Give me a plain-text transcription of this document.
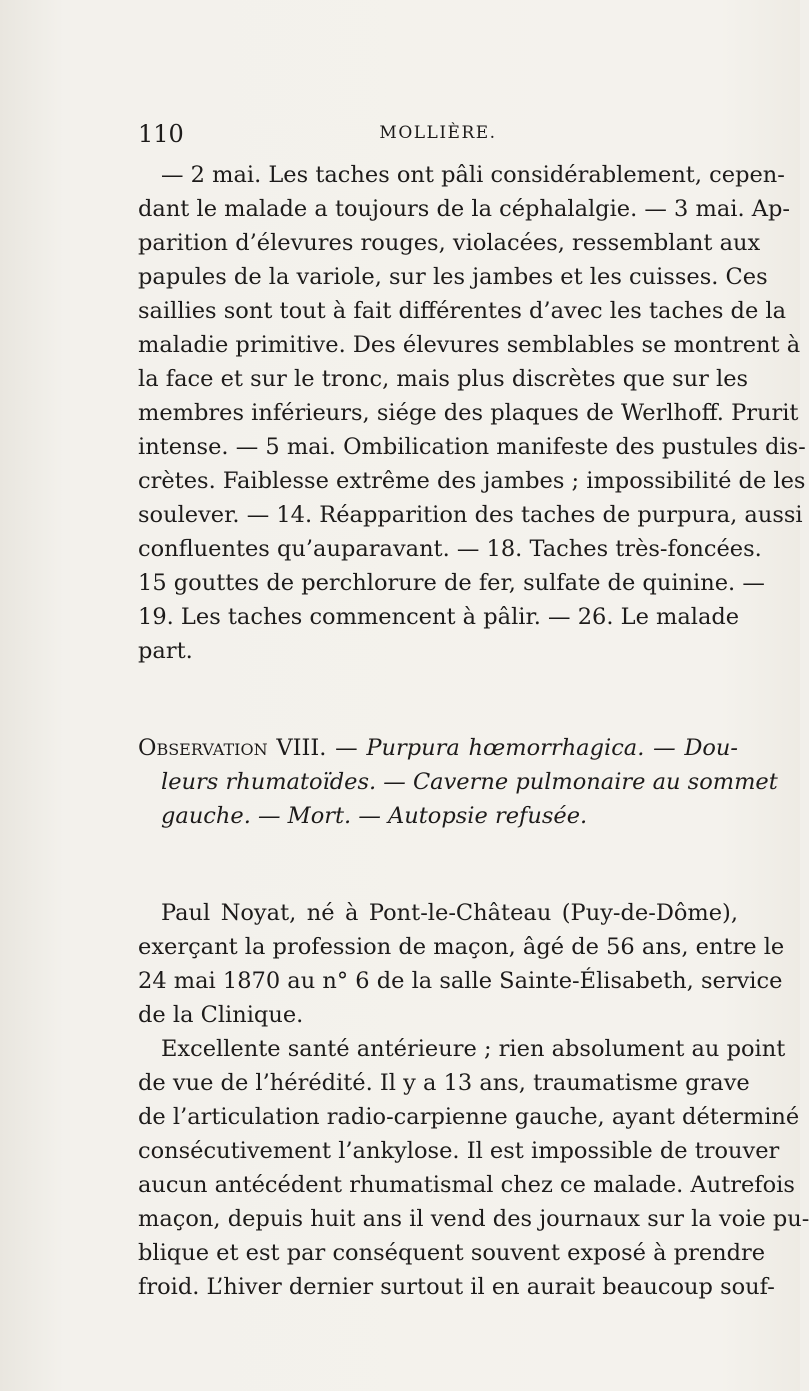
110	MOLLIÈRE.
— 2 mai. Les taches ont pâli considérablement, cepen-
dant le malade a toujours de la céphalalgie. — 3 mai. Ap-
parition d’élevures rouges, violacées, ressemblant aux
papules de la variole, sur les jambes et les cuisses. Ces
saillies sont tout à fait différentes d’avec les taches de la
maladie primitive. Des élevures semblables se montrent à
la face et sur le tronc, mais plus discrètes que sur les
membres inférieurs, siége des plaques de Werlhoff. Prurit
intense. — 5 mai. Ombilication manifeste des pustules dis-
crètes. Faiblesse extrême des jambes ; impossibilité de les
soulever. — 14. Réapparition des taches de purpura, aussi
confluentes qu’auparavant. — 18. Taches très-foncées.
15 gouttes de perchlorure de fer, sulfate de quinine. —
19. Les taches commencent à pâlir. — 26. Le malade
part.
Observation VIII. — Purpura hœmorrhagica. — Dou-
leurs rhumatoïdes. — Caverne pulmonaire au sommet
gauche. — Mort. — Autopsie refusée.
Paul Noyat, né à Pont-le-Château (Puy-de-Dôme),
exerçant la profession de maçon, âgé de 56 ans, entre le
24 mai 1870 au n° 6 de la salle Sainte-Élisabeth, service
de la Clinique.
Excellente santé antérieure ; rien absolument au point
de vue de l’hérédité. Il y a 13 ans, traumatisme grave
de l’articulation radio-carpienne gauche, ayant déterminé
consécutivement l’ankylose. Il est impossible de trouver
aucun antécédent rhumatismal chez ce malade. Autrefois
maçon, depuis huit ans il vend des journaux sur la voie pu-
blique et est par conséquent souvent exposé à prendre
froid. L’hiver dernier surtout il en aurait beaucoup souf-
